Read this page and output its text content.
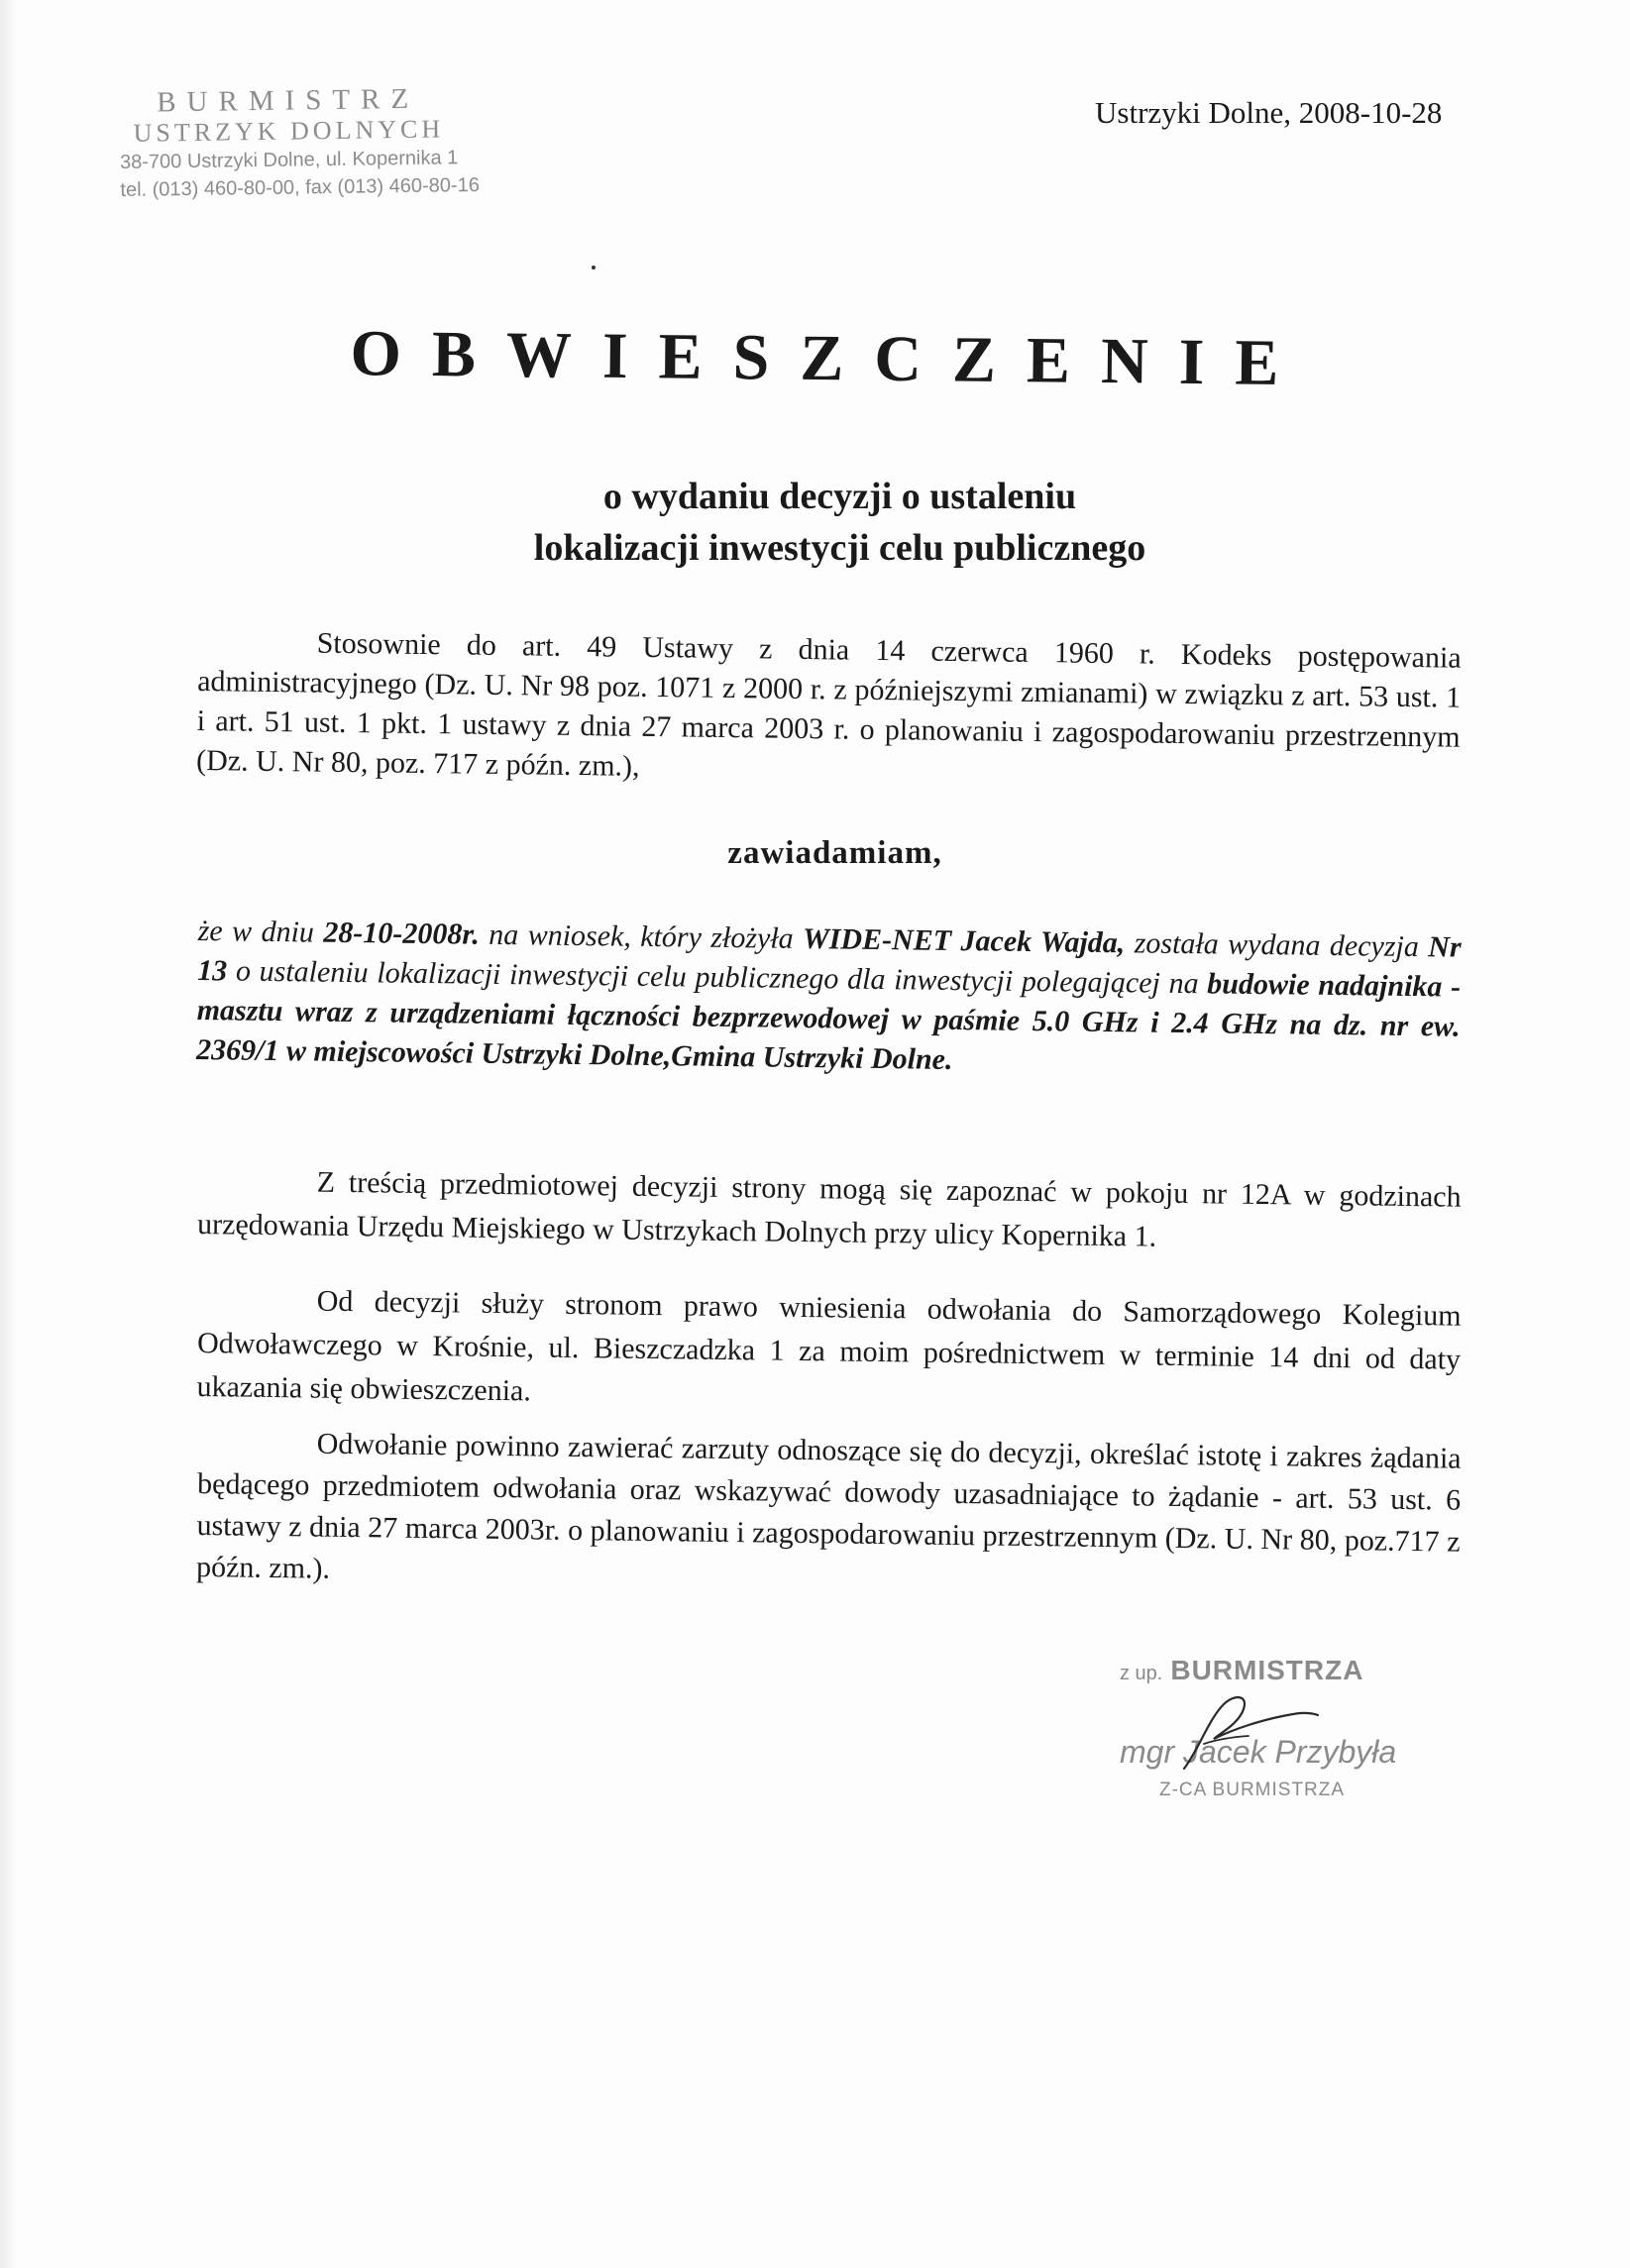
BURMISTRZ
USTRZYK DOLNYCH
38-700 Ustrzyki Dolne, ul. Kopernika 1
tel. (013) 460-80-00, fax (013) 460-80-16
Ustrzyki Dolne, 2008-10-28
OBWIESZCZENIE
o wydaniu decyzji o ustaleniu
lokalizacji inwestycji celu publicznego
Stosownie do art. 49 Ustawy z dnia 14 czerwca 1960 r. Kodeks postępowania administracyjnego (Dz. U. Nr 98 poz. 1071 z 2000 r. z późniejszymi zmianami) w związku z art. 53 ust. 1 i art. 51 ust. 1 pkt. 1 ustawy z dnia 27 marca 2003 r. o planowaniu i zagospodarowaniu przestrzennym (Dz. U. Nr 80, poz. 717 z późn. zm.),
zawiadamiam,
że w dniu 28-10-2008r. na wniosek, który złożyła WIDE-NET Jacek Wajda, została wydana decyzja Nr 13 o ustaleniu lokalizacji inwestycji celu publicznego dla inwestycji polegającej na budowie nadajnika - masztu wraz z urządzeniami łączności bezprzewodowej w paśmie 5.0 GHz i 2.4 GHz na dz. nr ew. 2369/1 w miejscowości Ustrzyki Dolne,Gmina Ustrzyki Dolne.
Z treścią przedmiotowej decyzji strony mogą się zapoznać w pokoju nr 12A w godzinach urzędowania Urzędu Miejskiego w Ustrzykach Dolnych przy ulicy Kopernika 1.
Od decyzji służy stronom prawo wniesienia odwołania do Samorządowego Kolegium Odwoławczego w Krośnie, ul. Bieszczadzka 1 za moim pośrednictwem w terminie 14 dni od daty ukazania się obwieszczenia.
Odwołanie powinno zawierać zarzuty odnoszące się do decyzji, określać istotę i zakres żądania będącego przedmiotem odwołania oraz wskazywać dowody uzasadniające to żądanie - art. 53 ust. 6 ustawy z dnia 27 marca 2003r. o planowaniu i zagospodarowaniu przestrzennym (Dz. U. Nr 80, poz.717 z późn. zm.).
z up. BURMISTRZA
mgr Jacek Przybyła
Z-CA BURMISTRZA
